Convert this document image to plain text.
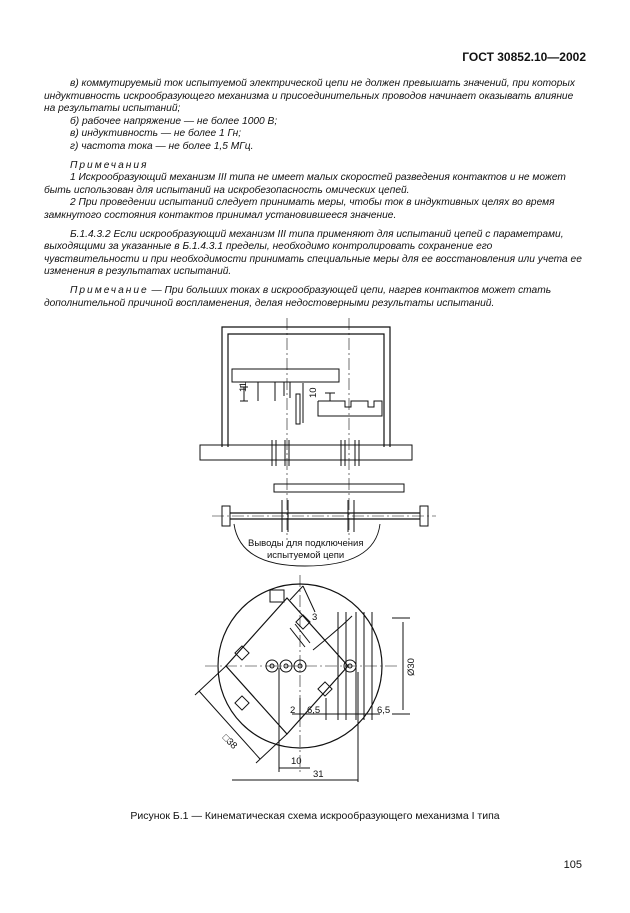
ГОСТ 30852.10—2002

в) коммутируемый ток испытуемой электрической цепи не должен превышать значений, при которых индуктивность искрообразующего механизма и присоединительных проводов начинает оказывать влияние на результаты испытаний;

б) рабочее напряжение — не более 1000 В;

в) индуктивность — не более 1 Гн;

г) частота тока — не более 1,5 МГц.

Примечания

1 Искрообразующий механизм III типа не имеет малых скоростей разведения контактов и не может быть использован для испытаний на искробезопасность омических цепей.

2 При проведении испытаний следует принимать меры, чтобы ток в индуктивных целях во время замкнутого состояния контактов принимал установившееся значение.

Б.1.4.3.2 Если искрообразующий механизм III типа применяют для испытаний цепей с параметрами, выходящими за указанные в Б.1.4.3.1 пределы, необходимо контролировать сохранение его чувствительности и при необходимости принимать специальные меры для ее восстановления или учета ее изменения в результатах испытаний.

Примечание — При больших токах в искрообразующей цепи, нагрев контактов может стать дополнительной причиной воспламенения, делая недостоверными результаты испытаний.

11
10
Выводы для подключения
испытуемой цепи
3
Ø30
2 6,5	6,5
□38
10
31
Рисунок Б.1 — Кинематическая схема искрообразующего механизма I типа
105
